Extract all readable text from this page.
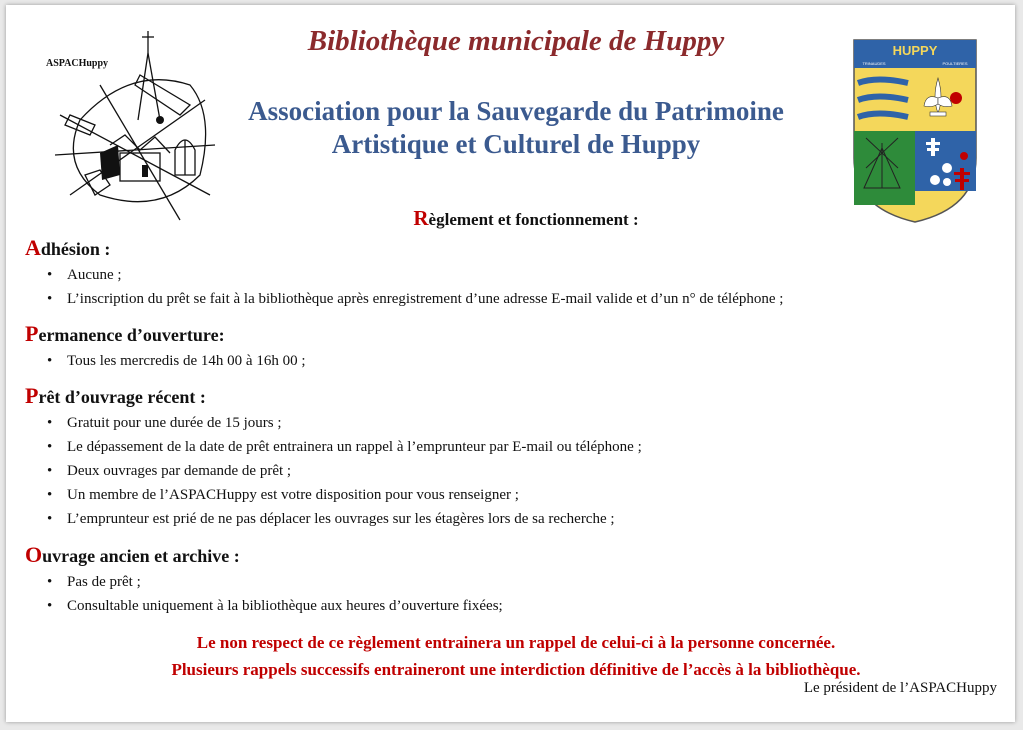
ASPACHuppy
Bibliothèque municipale de Huppy
Association pour la Sauvegarde du Patrimoine
Artistique et Culturel de Huppy
HUPPY
TRINAUDES	POULTIERES
Règlement et fonctionnement :
Adhésion :
• Aucune ;
• L’inscription du prêt se fait à la bibliothèque après enregistrement d’une adresse E-mail valide et d’un n° de téléphone ;
Permanence d’ouverture:
• Tous les mercredis de 14h 00 à 16h 00 ;
Prêt d’ouvrage récent :
• Gratuit pour une durée de 15 jours ;
• Le dépassement de la date de prêt entrainera un rappel à l’emprunteur par E-mail ou téléphone ;
• Deux ouvrages par demande de prêt ;
• Un membre de l’ASPACHuppy est votre disposition pour vous renseigner ;
• L’emprunteur est prié de ne pas déplacer les ouvrages sur les étagères lors de sa recherche ;
Ouvrage ancien et archive :
• Pas de prêt ;
• Consultable uniquement à la bibliothèque aux heures d’ouverture fixées;
Le non respect de ce règlement entrainera un rappel de celui-ci à la personne concernée.
Plusieurs rappels successifs entraineront une interdiction définitive de l’accès à la bibliothèque.
Le président de l’ASPACHuppy
